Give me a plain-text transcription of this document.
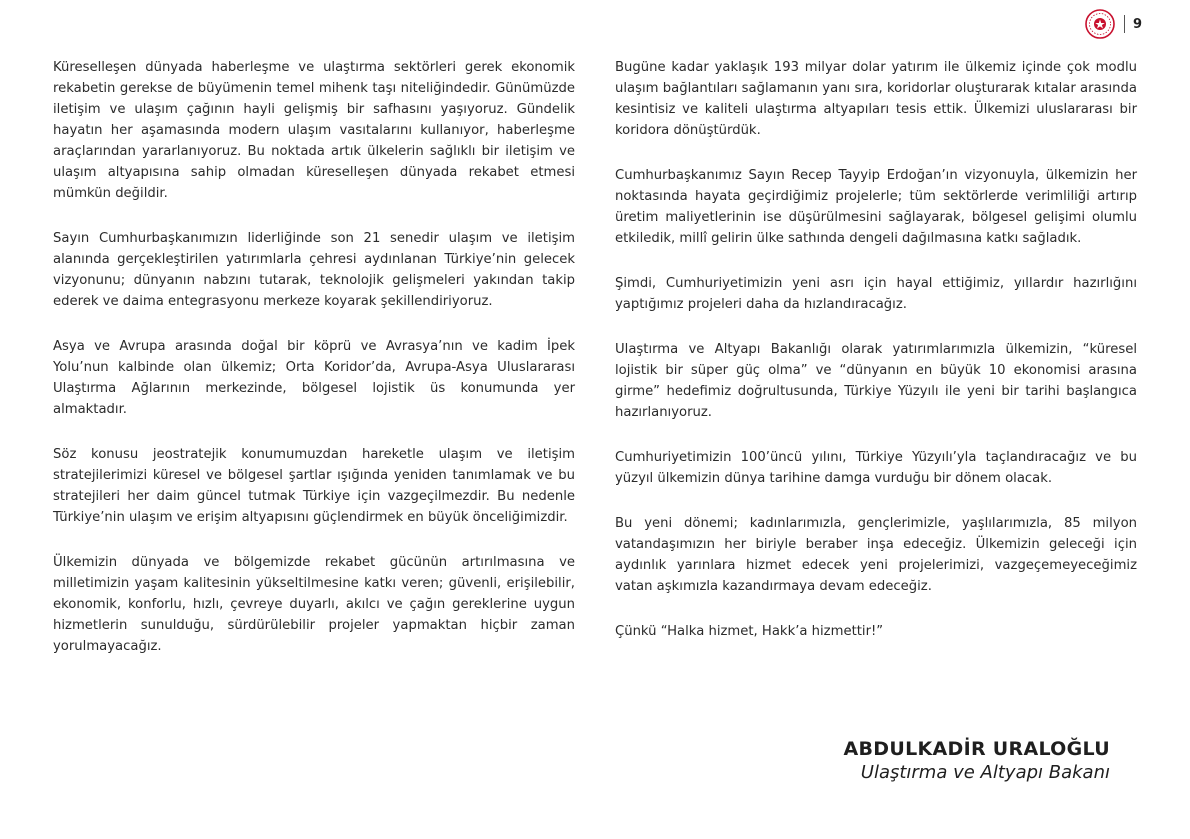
9

Küreselleşen dünyada haberleşme ve ulaştırma sektörleri gerek ekonomik rekabetin gerekse de büyümenin temel mihenk taşı niteliğindedir. Günümüzde iletişim ve ulaşım çağının hayli gelişmiş bir safhasını yaşıyoruz. Gündelik hayatın her aşamasında modern ulaşım vasıtalarını kullanıyor, haberleşme araçlarından yararlanıyoruz. Bu noktada artık ülkelerin sağlıklı bir iletişim ve ulaşım altyapısına sahip olmadan küreselleşen dünyada rekabet etmesi mümkün değildir.

Sayın Cumhurbaşkanımızın liderliğinde son 21 senedir ulaşım ve iletişim alanında gerçekleştirilen yatırımlarla çehresi aydınlanan Türkiye’nin gelecek vizyonunu; dünyanın nabzını tutarak, teknolojik gelişmeleri yakından takip ederek ve daima entegrasyonu merkeze koyarak şekillendiriyoruz.

Asya ve Avrupa arasında doğal bir köprü ve Avrasya’nın ve kadim İpek Yolu’nun kalbinde olan ülkemiz; Orta Koridor’da, Avrupa-Asya Uluslararası Ulaştırma Ağlarının merkezinde, bölgesel lojistik üs konumunda yer almaktadır.

Söz konusu jeostratejik konumumuzdan hareketle ulaşım ve iletişim stratejilerimizi küresel ve bölgesel şartlar ışığında yeniden tanımlamak ve bu stratejileri her daim güncel tutmak Türkiye için vazgeçilmezdir. Bu nedenle Türkiye’nin ulaşım ve erişim altyapısını güçlendirmek en büyük önceliğimizdir.

Ülkemizin dünyada ve bölgemizde rekabet gücünün artırılmasına ve milletimizin yaşam kalitesinin yükseltilmesine katkı veren; güvenli, erişilebilir, ekonomik, konforlu, hızlı, çevreye duyarlı, akılcı ve çağın gereklerine uygun hizmetlerin sunulduğu, sürdürülebilir projeler yapmaktan hiçbir zaman yorulmayacağız.

Bugüne kadar yaklaşık 193 milyar dolar yatırım ile ülkemiz içinde çok modlu ulaşım bağlantıları sağlamanın yanı sıra, koridorlar oluşturarak kıtalar arasında kesintisiz ve kaliteli ulaştırma altyapıları tesis ettik. Ülkemizi uluslararası bir koridora dönüştürdük.

Cumhurbaşkanımız Sayın Recep Tayyip Erdoğan’ın vizyonuyla, ülkemizin her noktasında hayata geçirdiğimiz projelerle; tüm sektörlerde verimliliği artırıp üretim maliyetlerinin ise düşürülmesini sağlayarak, bölgesel gelişimi olumlu etkiledik, millî gelirin ülke sathında dengeli dağılmasına katkı sağladık.

Şimdi, Cumhuriyetimizin yeni asrı için hayal ettiğimiz, yıllardır hazırlığını yaptığımız projeleri daha da hızlandıracağız.

Ulaştırma ve Altyapı Bakanlığı olarak yatırımlarımızla ülkemizin, “küresel lojistik bir süper güç olma” ve “dünyanın en büyük 10 ekonomisi arasına girme” hedefimiz doğrultusunda, Türkiye Yüzyılı ile yeni bir tarihi başlangıca hazırlanıyoruz.

Cumhuriyetimizin 100’üncü yılını, Türkiye Yüzyılı’yla taçlandıracağız ve bu yüzyıl ülkemizin dünya tarihine damga vurduğu bir dönem olacak.

Bu yeni dönemi; kadınlarımızla, gençlerimizle, yaşlılarımızla, 85 milyon vatandaşımızın her biriyle beraber inşa edeceğiz. Ülkemizin geleceği için aydınlık yarınlara hizmet edecek yeni projelerimizi, vazgeçemeyeceğimiz vatan aşkımızla kazandırmaya devam edeceğiz.

Çünkü “Halka hizmet, Hakk’a hizmettir!”

ABDULKADİR URALOĞLU
Ulaştırma ve Altyapı Bakanı
